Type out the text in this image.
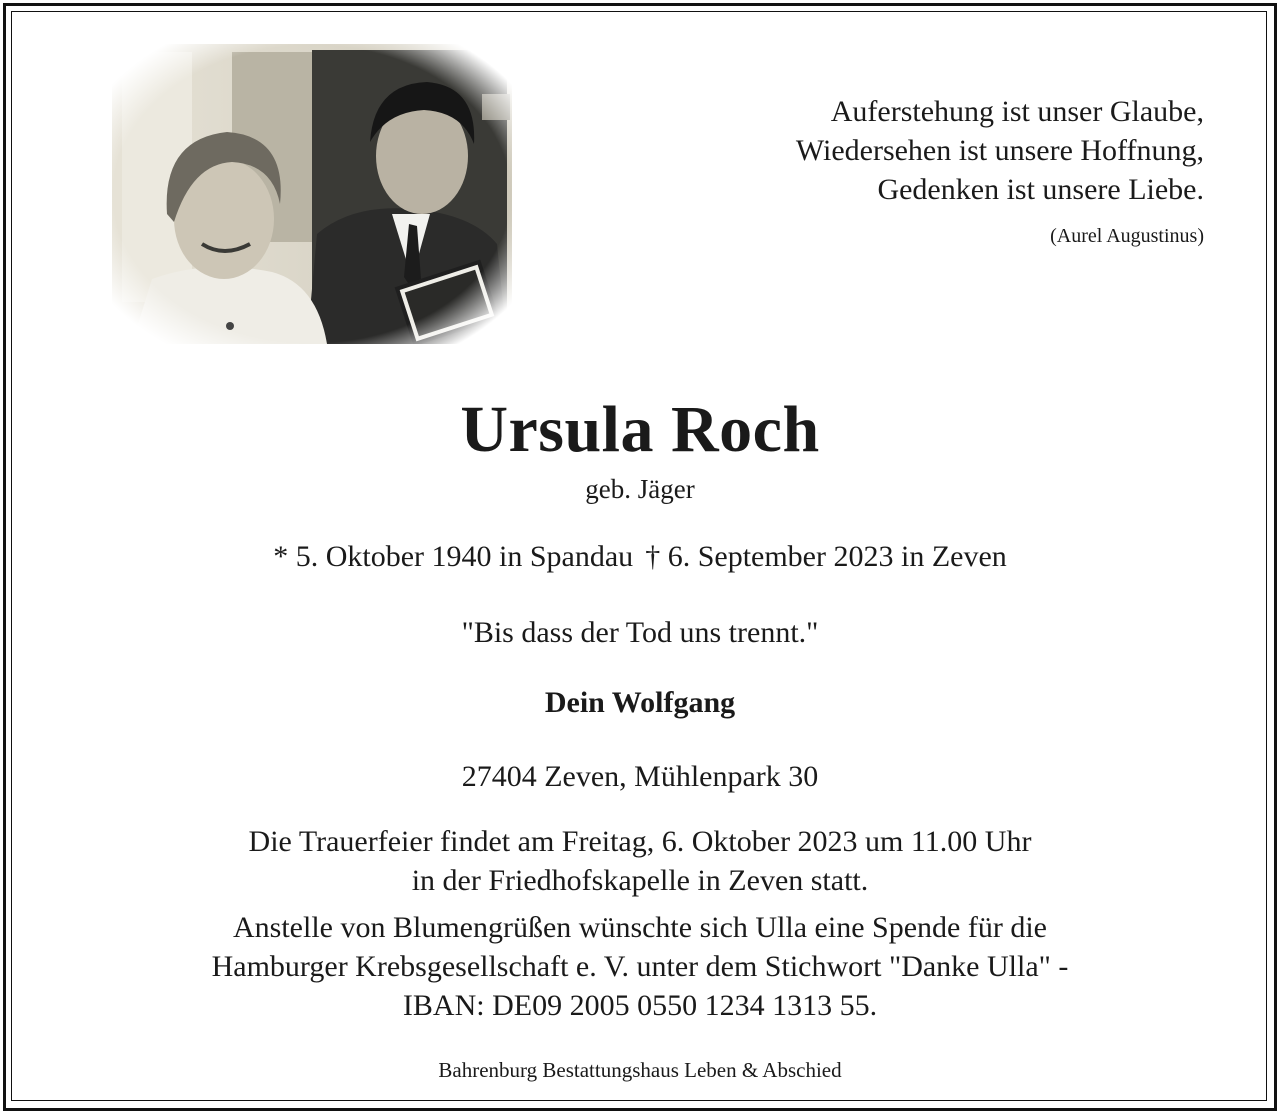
Auferstehung ist unser Glaube,
Wiedersehen ist unsere Hoffnung,
Gedenken ist unsere Liebe.
(Aurel Augustinus)
Ursula Roch
geb. Jäger
* 5. Oktober 1940 in Spandau † 6. September 2023 in Zeven
"Bis dass der Tod uns trennt."
Dein Wolfgang
27404 Zeven, Mühlenpark 30
Die Trauerfeier findet am Freitag, 6. Oktober 2023 um 11.00 Uhr
in der Friedhofskapelle in Zeven statt.
Anstelle von Blumengrüßen wünschte sich Ulla eine Spende für die
Hamburger Krebsgesellschaft e. V. unter dem Stichwort "Danke Ulla" -
IBAN: DE09 2005 0550 1234 1313 55.
Bahrenburg Bestattungshaus Leben & Abschied
